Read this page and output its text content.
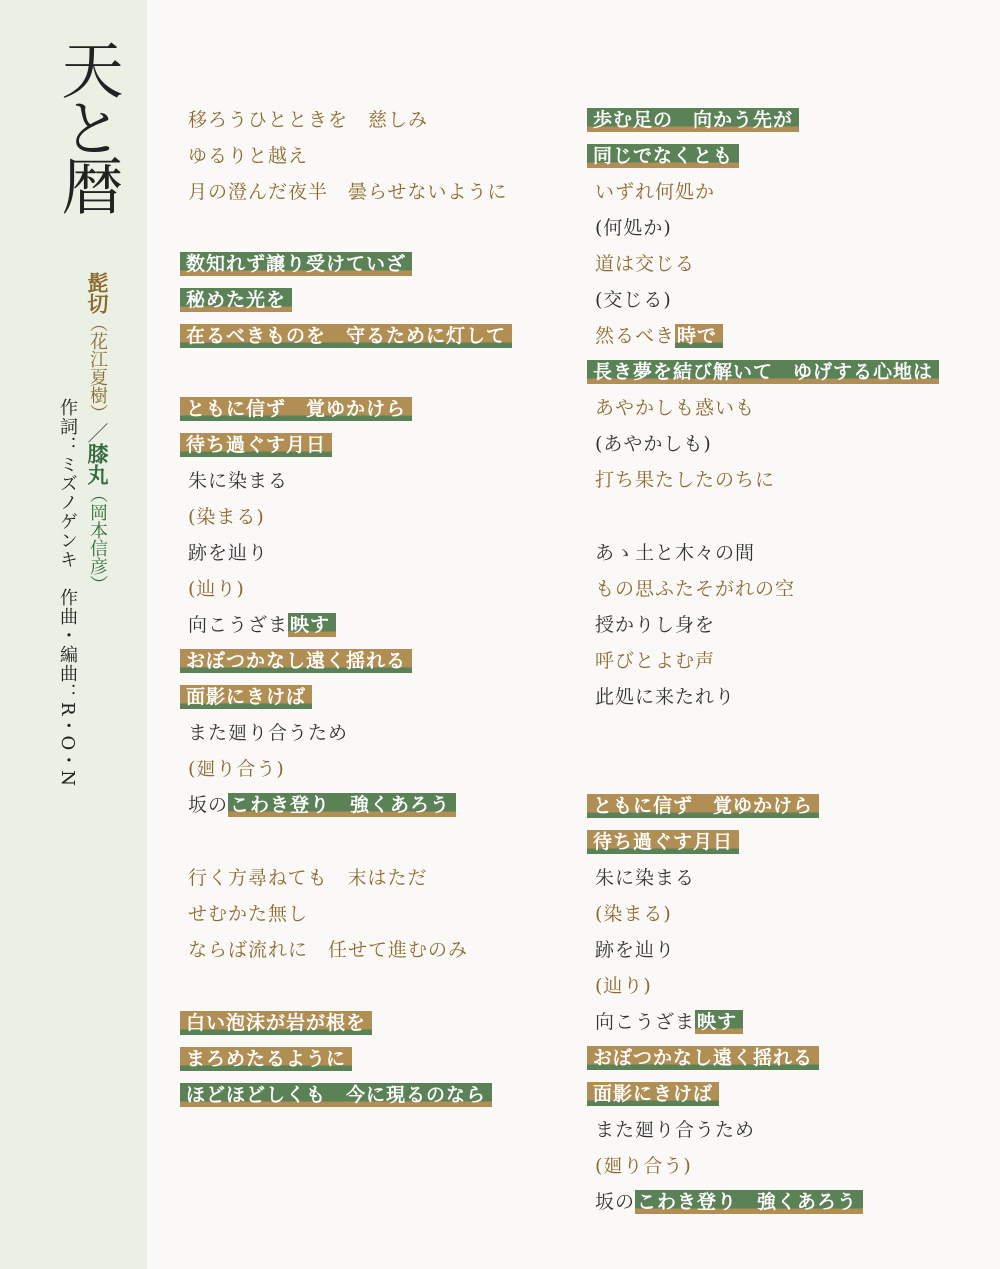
天と暦
髭切（花江夏樹）／膝丸（岡本信彦）
作詞：ミズノゲンキ　作曲・編曲：R・O・N
移ろうひとときを　慈しみ
ゆるりと越え
月の澄んだ夜半　曇らせないように
数知れず譲り受けていざ
秘めた光を
在るべきものを　守るために灯して
ともに信ず　覚ゆかけら
待ち過ぐす月日
朱に染まる
(染まる)
跡を辿り
(辿り)
向こうざま 映す
おぼつかなし遠く揺れる
面影にきけば
また廻り合うため
(廻り合う)
坂の こわき登り　強くあろう
行く方尋ねても　末はただ
せむかた無し
ならば流れに　任せて進むのみ
白い泡沫が岩が根を
まろめたるように
ほどほどしくも　今に現るのなら
歩む足の　向かう先が
同じでなくとも
いずれ何処か
(何処か)
道は交じる
(交じる)
然るべき 時で
長き夢を結び解いて　ゆげする心地は
あやかしも惑いも
(あやかしも)
打ち果たしたのちに
あゝ土と木々の間
もの思ふたそがれの空
授かりし身を
呼びとよむ声
此処に来たれり
ともに信ず　覚ゆかけら
待ち過ぐす月日
朱に染まる
(染まる)
跡を辿り
(辿り)
向こうざま 映す
おぼつかなし遠く揺れる
面影にきけば
また廻り合うため
(廻り合う)
坂の こわき登り　強くあろう
